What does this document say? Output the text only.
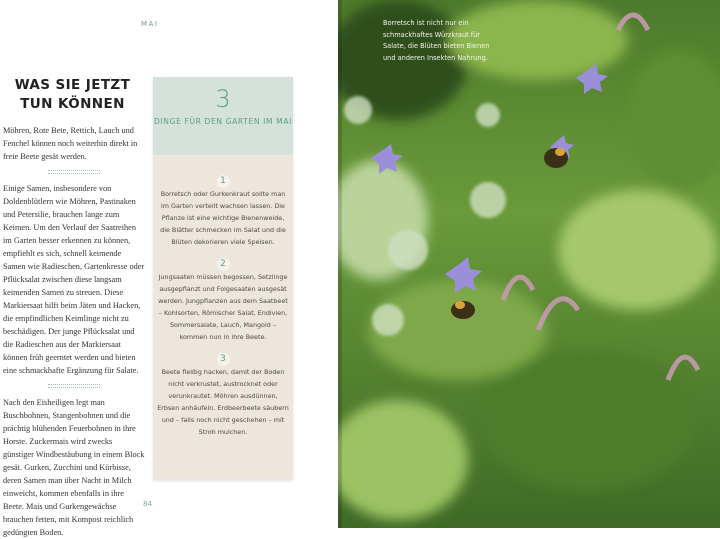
MAI
WAS SIE JETZT TUN KÖNNEN

Möhren, Rote Bete, Rettich, Lauch und Fenchel können noch weiterhin direkt in freie Beete gesät werden.

Einige Samen, insbesondere von Doldenblütlern wie Möhren, Pastinaken und Petersilie, brauchen lange zum Keimen. Um den Verlauf der Saatreihen im Garten besser erkennen zu können, empfiehlt es sich, schnell keimende Samen wie Radieschen, Gartenkresse oder Pflücksalat zwischen diese langsam keimenden Samen zu streuen. Diese Markiersaat hilft beim Jäten und Hacken, die empfindlichen Keimlinge nicht zu beschädigen. Der junge Pflücksalat und die Radieschen aus der Markiersaat können früh geerntet werden und bieten eine schmackhafte Ergänzung für Salate.

Nach den Eisheiligen legt man Buschbohnen, Stangenbohnen und die prächtig blühenden Feuerbohnen in ihre Horste. Zuckermais wird zwecks günstiger Windbestäubung in einem Block gesät. Gurken, Zucchini und Kürbisse, deren Samen man über Nacht in Milch einweicht, kommen ebenfalls in ihre Beete. Mais und Gurkengewächse brauchen fetten, mit Kompost reichlich gedüngten Boden.

3
DINGE FÜR DEN GARTEN IM MAI
1
Borretsch oder Gurkenkraut sollte man im Garten verteilt wachsen lassen. Die Pflanze ist eine wichtige Bienenweide, die Blätter schmecken im Salat und die Blüten dekorieren viele Speisen.
2
Jungsaaten müssen begossen, Setzlinge ausgepflanzt und Folgesaaten ausgesät werden. Jungpflanzen aus dem Saatbeet – Kohlsorten, Römischer Salat, Endivien, Sommersalate, Lauch, Mangold – kommen nun in ihre Beete.
3
Beete fleißig hacken, damit der Boden nicht verkrustet, austrocknet oder verunkrautet. Möhren ausdünnen, Erbsen anhäufeln. Erdbeerbeete säubern und – falls noch nicht geschehen – mit Stroh mulchen.
84
Borretsch ist nicht nur ein schmackhaftes Würzkraut für Salate, die Blüten bieten Bienen und anderen Insekten Nahrung.
